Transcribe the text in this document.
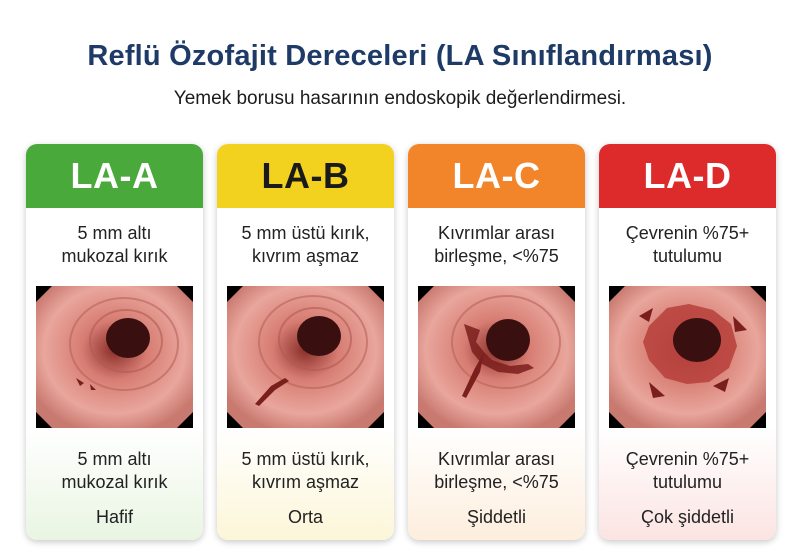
Reflü Özofajit Dereceleri (LA Sınıflandırması)
Yemek borusu hasarının endoskopik değerlendirmesi.
LA-A
5 mm altı
mukozal kırık
5 mm altı
mukozal kırık
Hafif
LA-B
5 mm üstü kırık,
kıvrım aşmaz
5 mm üstü kırık,
kıvrım aşmaz
Orta
LA-C
Kıvrımlar arası
birleşme, <%75
Kıvrımlar arası
birleşme, <%75
Şiddetli
LA-D
Çevrenin %75+
tutulumu
Çevrenin %75+
tutulumu
Çok şiddetli
